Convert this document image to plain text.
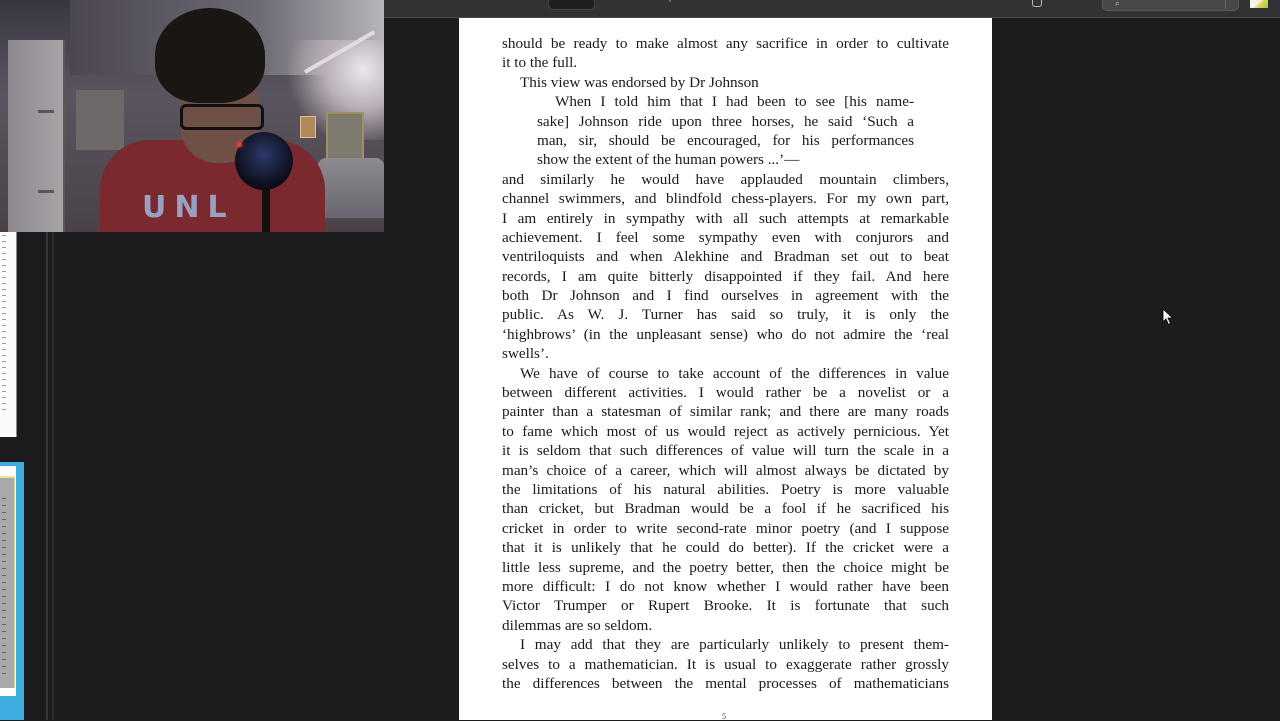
⌕
UNL
should be ready to make almost any sacrifice in order to cultivate
it to the full.
This view was endorsed by Dr Johnson
When I told him that I had been to see [his name-
sake] Johnson ride upon three horses, he said ‘Such a
man, sir, should be encouraged, for his performances
show the extent of the human powers ...’—
and similarly he would have applauded mountain climbers,
channel swimmers, and blindfold chess-players. For my own part,
I am entirely in sympathy with all such attempts at remarkable
achievement. I feel some sympathy even with conjurors and
ventriloquists and when Alekhine and Bradman set out to beat
records, I am quite bitterly disappointed if they fail. And here
both Dr Johnson and I find ourselves in agreement with the
public. As W. J. Turner has said so truly, it is only the
‘highbrows’ (in the unpleasant sense) who do not admire the ‘real
swells’.
We have of course to take account of the differences in value
between different activities. I would rather be a novelist or a
painter than a statesman of similar rank; and there are many roads
to fame which most of us would reject as actively pernicious. Yet
it is seldom that such differences of value will turn the scale in a
man’s choice of a career, which will almost always be dictated by
the limitations of his natural abilities. Poetry is more valuable
than cricket, but Bradman would be a fool if he sacrificed his
cricket in order to write second-rate minor poetry (and I suppose
that it is unlikely that he could do better). If the cricket were a
little less supreme, and the poetry better, then the choice might be
more difficult: I do not know whether I would rather have been
Victor Trumper or Rupert Brooke. It is fortunate that such
dilemmas are so seldom.
I may add that they are particularly unlikely to present them-
selves to a mathematician. It is usual to exaggerate rather grossly
the differences between the mental processes of mathematicians
5
